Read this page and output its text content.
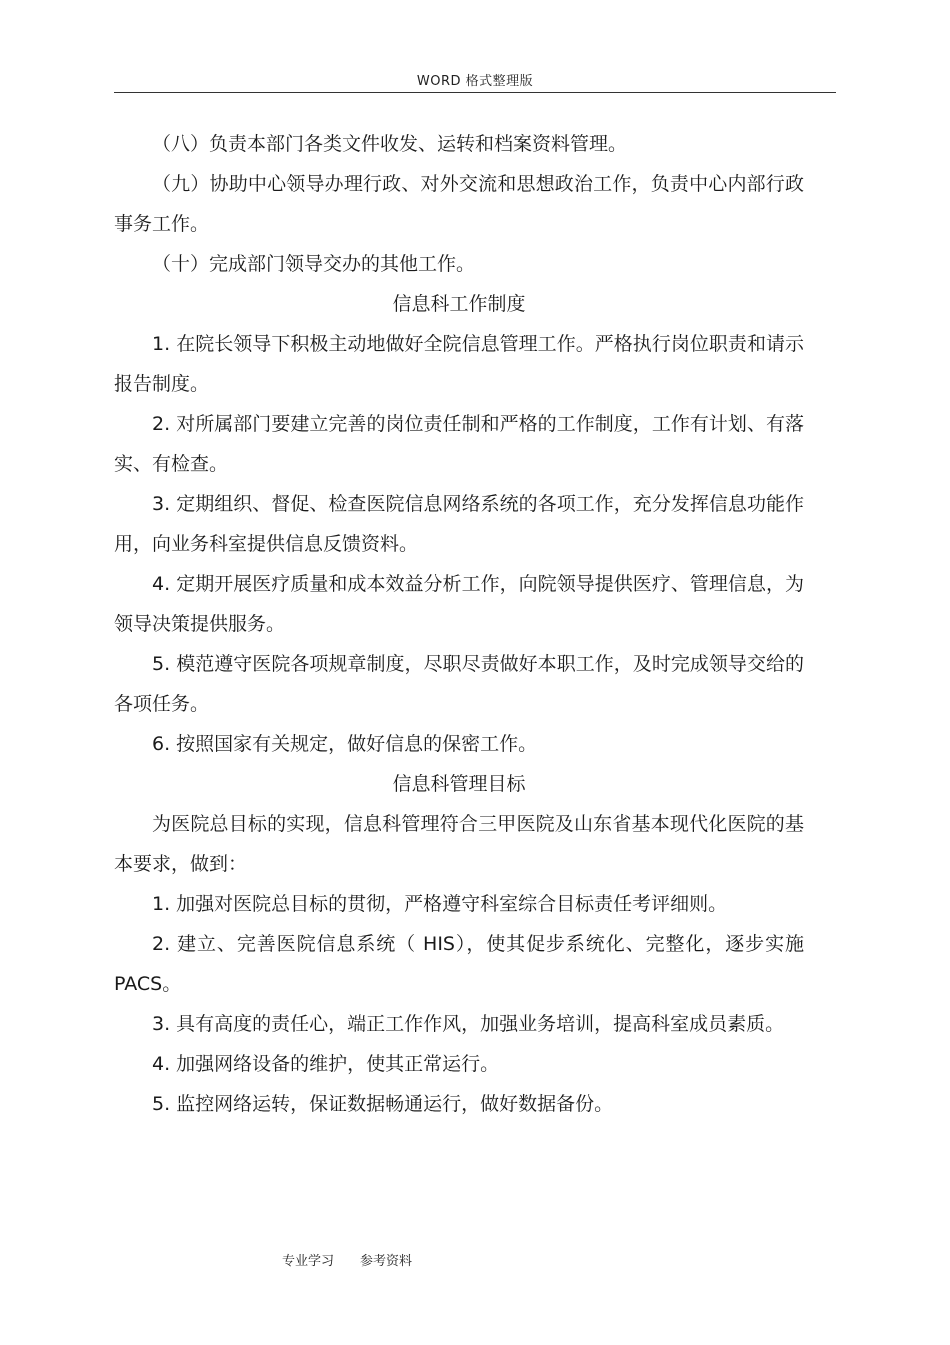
WORD 格式整理版

（八）负责本部门各类文件收发、运转和档案资料管理。

（九）协助中心领导办理行政、对外交流和思想政治工作，负责中心内部行政事务工作。

（十）完成部门领导交办的其他工作。

信息科工作制度

1. 在院长领导下积极主动地做好全院信息管理工作。严格执行岗位职责和请示报告制度。

2. 对所属部门要建立完善的岗位责任制和严格的工作制度，工作有计划、有落实、有检查。

3. 定期组织、督促、检查医院信息网络系统的各项工作，充分发挥信息功能作用，向业务科室提供信息反馈资料。

4. 定期开展医疗质量和成本效益分析工作，向院领导提供医疗、管理信息，为领导决策提供服务。

5. 模范遵守医院各项规章制度，尽职尽责做好本职工作，及时完成领导交给的各项任务。

6. 按照国家有关规定，做好信息的保密工作。

信息科管理目标

为医院总目标的实现，信息科管理符合三甲医院及山东省基本现代化医院的基本要求，做到：

1. 加强对医院总目标的贯彻，严格遵守科室综合目标责任考评细则。

2. 建立、完善医院信息系统（ HIS），使其促步系统化、完整化，逐步实施 PACS。

3. 具有高度的责任心，端正工作作风，加强业务培训，提高科室成员素质。

4. 加强网络设备的维护，使其正常运行。

5. 监控网络运转，保证数据畅通运行，做好数据备份。

专业学习 参考资料
